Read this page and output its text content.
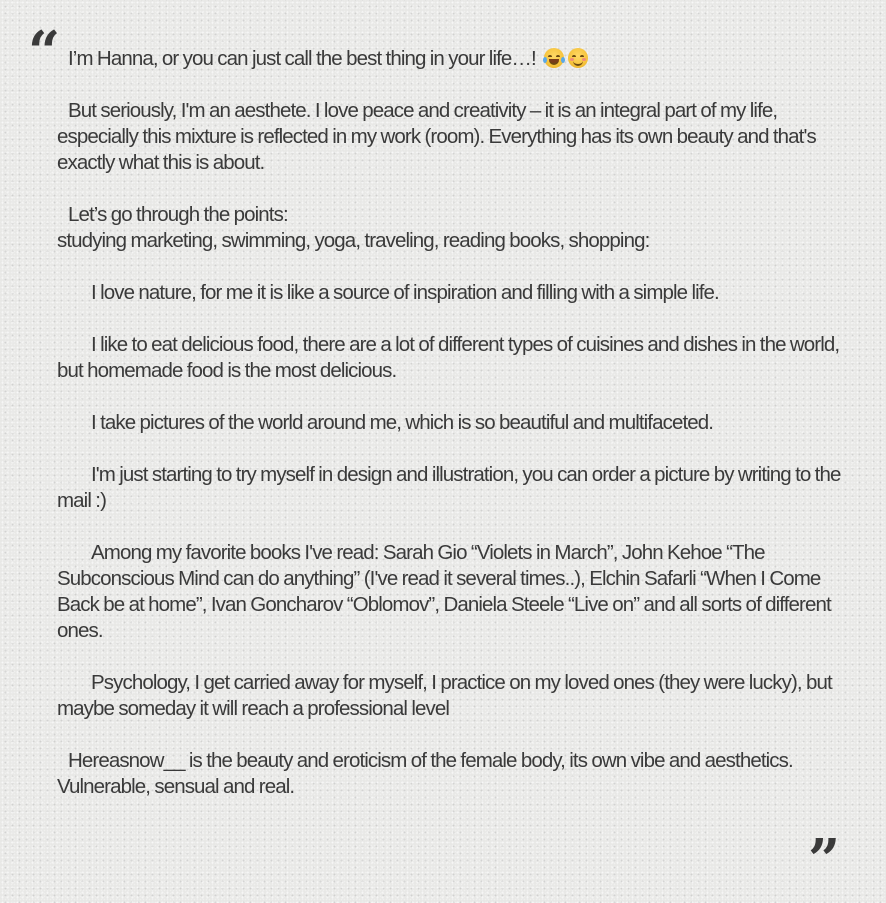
“ I’m Hanna, or you can just call the best thing in your life…!

But seriously, I'm an aesthete. I love peace and creativity – it is an integral part of my life, especially this mixture is reflected in my work (room). Everything has its own beauty and that's exactly what this is about.

Let’s go through the points:

studying marketing, swimming, yoga, traveling, reading books, shopping:

I love nature, for me it is like a source of inspiration and filling with a simple life.

I like to eat delicious food, there are a lot of different types of cuisines and dishes in the world, but homemade food is the most delicious.

I take pictures of the world around me, which is so beautiful and multifaceted.

I'm just starting to try myself in design and illustration, you can order a picture by writing to the mail :)

Among my favorite books I've read: Sarah Gio “Violets in March”, John Kehoe “The Subconscious Mind can do anything” (I've read it several times..), Elchin Safarli “When I Come Back be at home”, Ivan Goncharov “Oblomov”, Daniela Steele “Live on” and all sorts of different ones.

Psychology, I get carried away for myself, I practice on my loved ones (they were lucky), but maybe someday it will reach a professional level

Hereasnow__ is the beauty and eroticism of the female body, its own vibe and aesthetics. Vulnerable, sensual and real.

”
